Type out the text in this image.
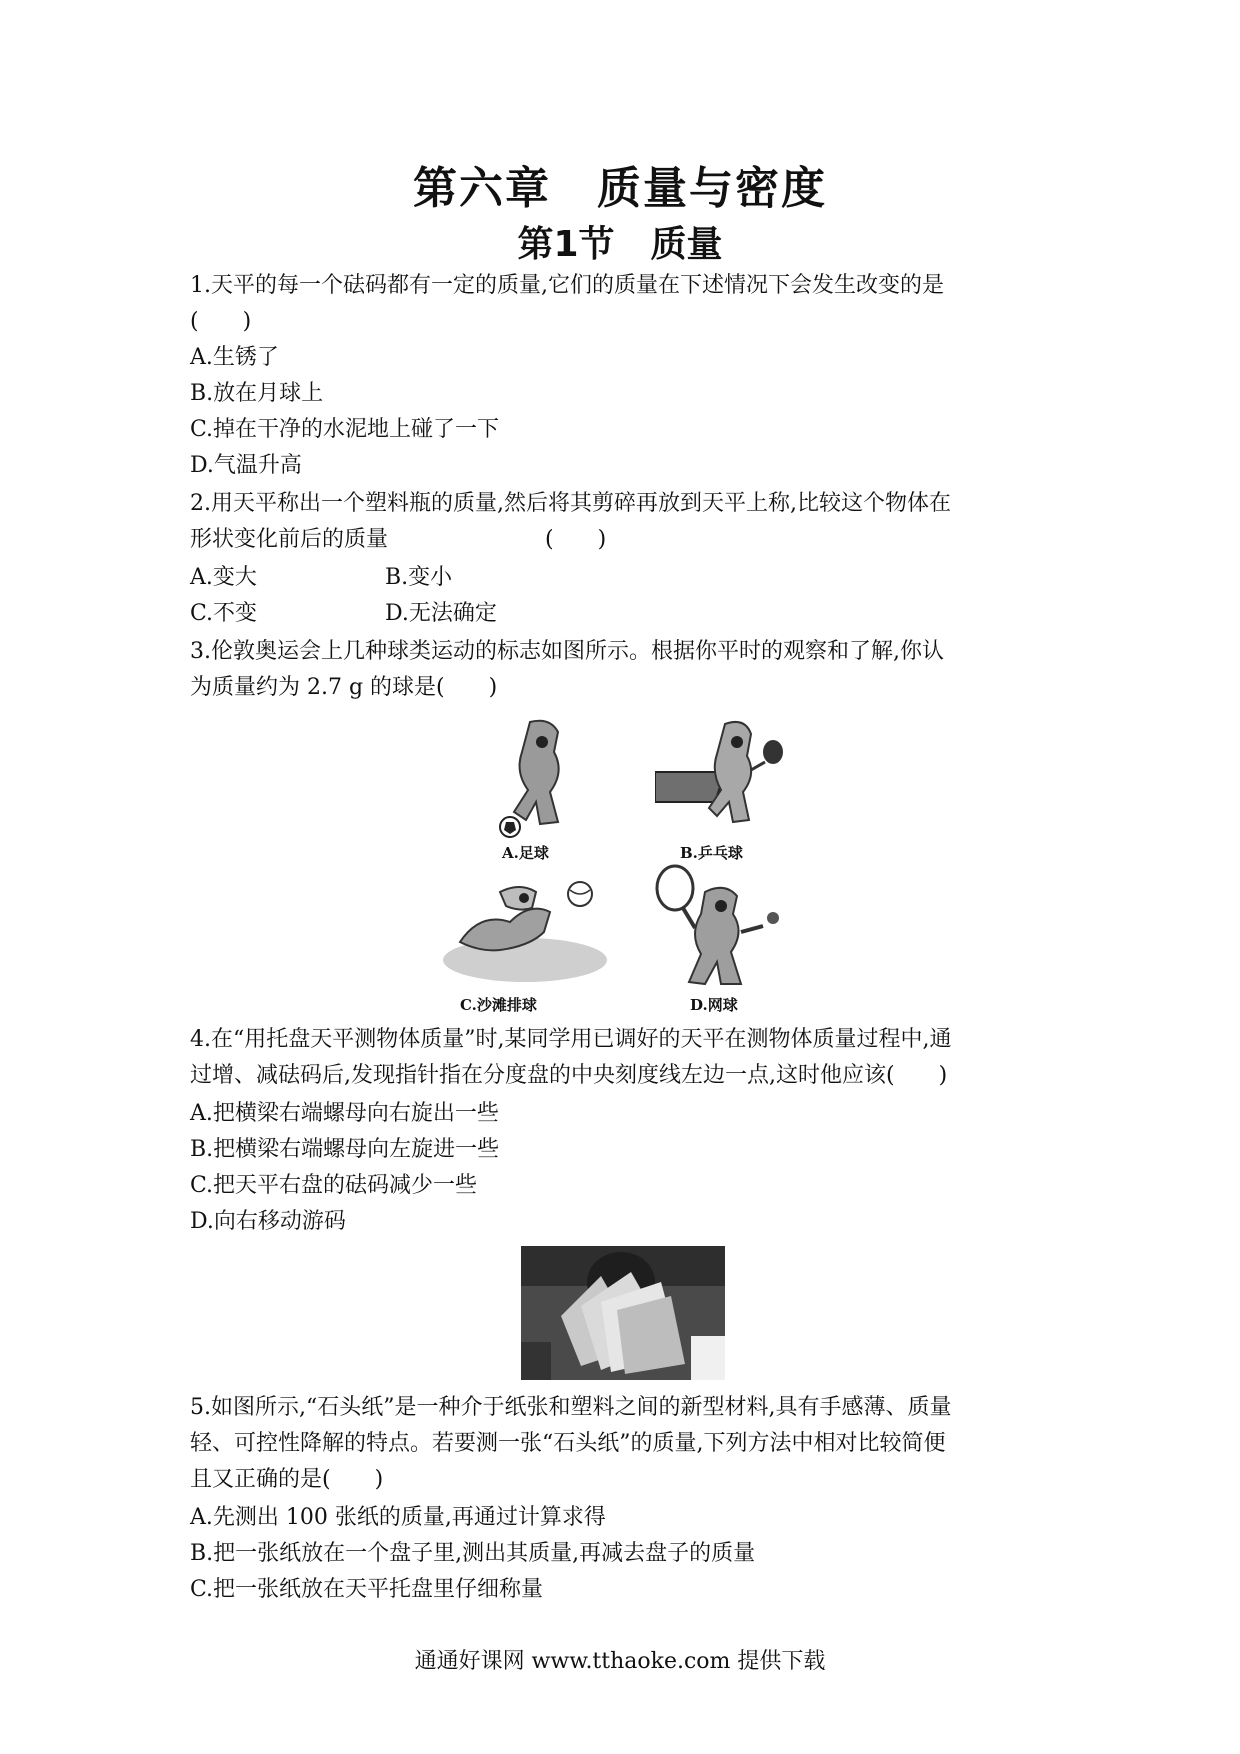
第六章　质量与密度
第1节　质量
1.天平的每一个砝码都有一定的质量,它们的质量在下述情况下会发生改变的是
(　　)
A.生锈了
B.放在月球上
C.掉在干净的水泥地上碰了一下
D.气温升高
2.用天平称出一个塑料瓶的质量,然后将其剪碎再放到天平上称,比较这个物体在
形状变化前后的质量	(　　)
A.变大	B.变小
C.不变	D.无法确定
3.伦敦奥运会上几种球类运动的标志如图所示。根据你平时的观察和了解,你认
为质量约为 2.7 g 的球是(　　)
A.足球	B.乒乓球
C.沙滩排球	D.网球
4.在“用托盘天平测物体质量”时,某同学用已调好的天平在测物体质量过程中,通
过增、减砝码后,发现指针指在分度盘的中央刻度线左边一点,这时他应该(　　)
A.把横梁右端螺母向右旋出一些
B.把横梁右端螺母向左旋进一些
C.把天平右盘的砝码减少一些
D.向右移动游码
5.如图所示,“石头纸”是一种介于纸张和塑料之间的新型材料,具有手感薄、质量
轻、可控性降解的特点。若要测一张“石头纸”的质量,下列方法中相对比较简便
且又正确的是(　　)
A.先测出 100 张纸的质量,再通过计算求得
B.把一张纸放在一个盘子里,测出其质量,再减去盘子的质量
C.把一张纸放在天平托盘里仔细称量
通通好课网 www.tthaoke.com 提供下载
